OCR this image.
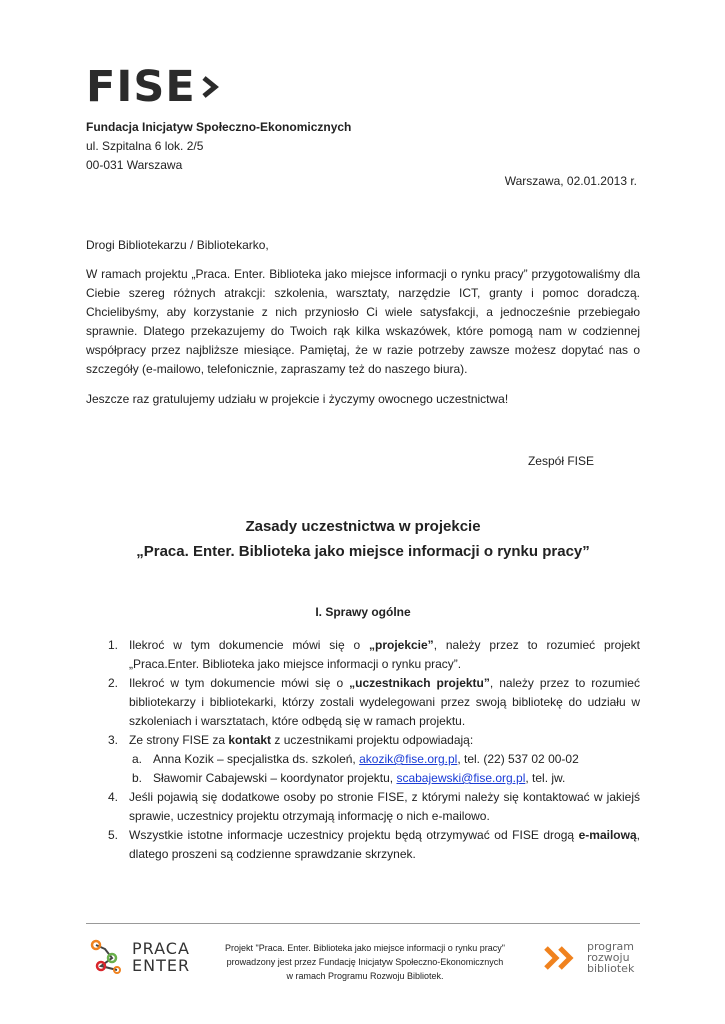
FISE
Fundacja Inicjatyw Społeczno-Ekonomicznych
ul. Szpitalna 6 lok. 2/5
00-031 Warszawa
Warszawa, 02.01.2013 r.
Drogi Bibliotekarzu / Bibliotekarko,
W ramach projektu „Praca. Enter. Biblioteka jako miejsce informacji o rynku pracy” przygotowaliśmy dla Ciebie szereg różnych atrakcji: szkolenia, warsztaty, narzędzie ICT, granty i pomoc doradczą. Chcielibyśmy, aby korzystanie z nich przyniosło Ci wiele satysfakcji, a jednocześnie przebiegało sprawnie. Dlatego przekazujemy do Twoich rąk kilka wskazówek, które pomogą nam w codziennej współpracy przez najbliższe miesiące. Pamiętaj, że w razie potrzeby zawsze możesz dopytać nas o szczegóły (e-mailowo, telefonicznie, zapraszamy też do naszego biura).
Jeszcze raz gratulujemy udziału w projekcie i życzymy owocnego uczestnictwa!
Zespół FISE
Zasady uczestnictwa w projekcie
„Praca. Enter. Biblioteka jako miejsce informacji o rynku pracy”
I. Sprawy ogólne
1. Ilekroć w tym dokumencie mówi się o „projekcie”, należy przez to rozumieć projekt „Praca.Enter. Biblioteka jako miejsce informacji o rynku pracy”.
2. Ilekroć w tym dokumencie mówi się o „uczestnikach projektu”, należy przez to rozumieć bibliotekarzy i bibliotekarki, którzy zostali wydelegowani przez swoją bibliotekę do udziału w szkoleniach i warsztatach, które odbędą się w ramach projektu.
3. Ze strony FISE za kontakt z uczestnikami projektu odpowiadają:
a. Anna Kozik – specjalistka ds. szkoleń, akozik@fise.org.pl, tel. (22) 537 02 00-02
b. Sławomir Cabajewski – koordynator projektu, scabajewski@fise.org.pl, tel. jw.
4. Jeśli pojawią się dodatkowe osoby po stronie FISE, z którymi należy się kontaktować w jakiejś sprawie, uczestnicy projektu otrzymają informację o nich e-mailowo.
5. Wszystkie istotne informacje uczestnicy projektu będą otrzymywać od FISE drogą e-mailową, dlatego proszeni są codzienne sprawdzanie skrzynek.
PRACA
ENTER
Projekt "Praca. Enter. Biblioteka jako miejsce informacji o rynku pracy"
prowadzony jest przez Fundację Inicjatyw Społeczno-Ekonomicznych
w ramach Programu Rozwoju Bibliotek.
program
rozwoju
bibliotek
